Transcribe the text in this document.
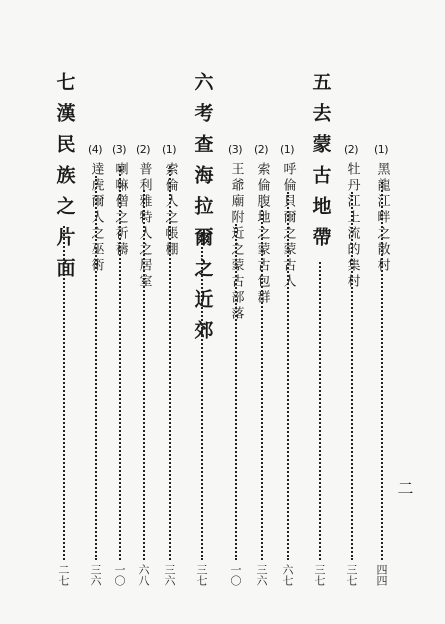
二
(1)
黑龍江畔之散村
四四
(2)
牡丹江上流的集村
三七
五去蒙古地帶
三七
(1)
呼倫貝爾之蒙古人
六七
(2)
索倫腹地之蒙古包群
三六
(3)
王爺廟附近之蒙古部落
一〇
六考查海拉爾之近郊
三七
(1)
索倫人之帳棚
三六
(2)
普利雅特人之居室
六八
(3)
喇嘛僧之祈禱
一〇
(4)
達虎爾人之巫術
三六
七漢民族之片面
二七
